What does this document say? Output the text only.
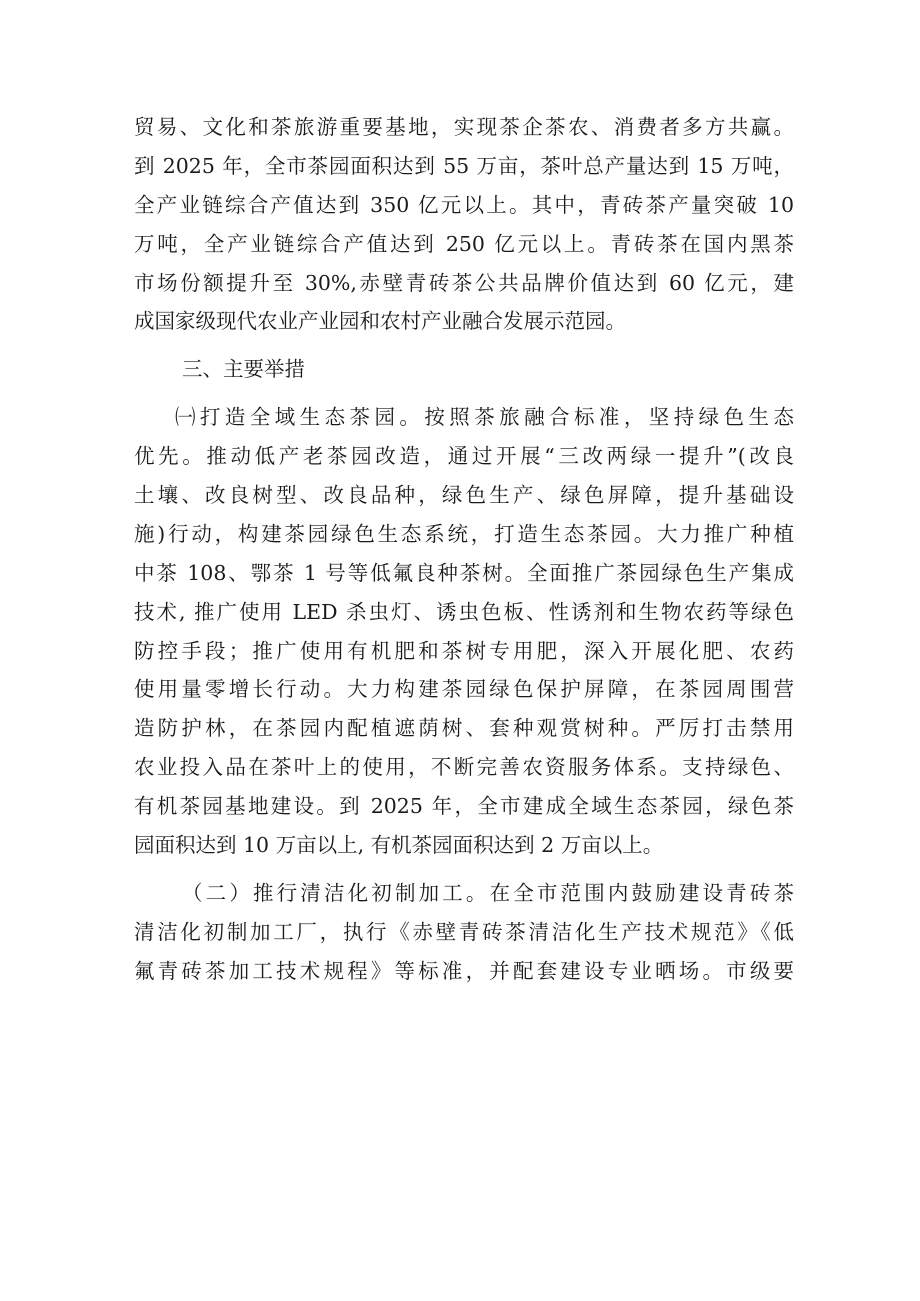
贸易、文化和茶旅游重要基地，实现茶企茶农、消费者多方共赢。
到 2025 年，全市茶园面积达到 55 万亩，茶叶总产量达到 15 万吨，
全产业链综合产值达到 350 亿元以上。其中，青砖茶产量突破 10
万吨，全产业链综合产值达到 250 亿元以上。青砖茶在国内黑茶
市场份额提升至 30%,赤壁青砖茶公共品牌价值达到 60 亿元，建
成国家级现代农业产业园和农村产业融合发展示范园。
三、主要举措
㈠打造全域生态茶园。按照茶旅融合标准，坚持绿色生态
优先。推动低产老茶园改造，通过开展“三改两绿一提升”(改良
土壤、改良树型、改良品种，绿色生产、绿色屏障，提升基础设
施)行动，构建茶园绿色生态系统，打造生态茶园。大力推广种植
中茶 108、鄂茶 1 号等低氟良种茶树。全面推广茶园绿色生产集成
技术, 推广使用 LED 杀虫灯、诱虫色板、性诱剂和生物农药等绿色
防控手段；推广使用有机肥和茶树专用肥，深入开展化肥、农药
使用量零增长行动。大力构建茶园绿色保护屏障，在茶园周围营
造防护林，在茶园内配植遮荫树、套种观赏树种。严厉打击禁用
农业投入品在茶叶上的使用，不断完善农资服务体系。支持绿色、
有机茶园基地建设。到 2025 年，全市建成全域生态茶园，绿色茶
园面积达到 10 万亩以上, 有机茶园面积达到 2 万亩以上。
（二）推行清洁化初制加工。在全市范围内鼓励建设青砖茶
清洁化初制加工厂，执行《赤壁青砖茶清洁化生产技术规范》《低
氟青砖茶加工技术规程》等标准，并配套建设专业晒场。市级要
